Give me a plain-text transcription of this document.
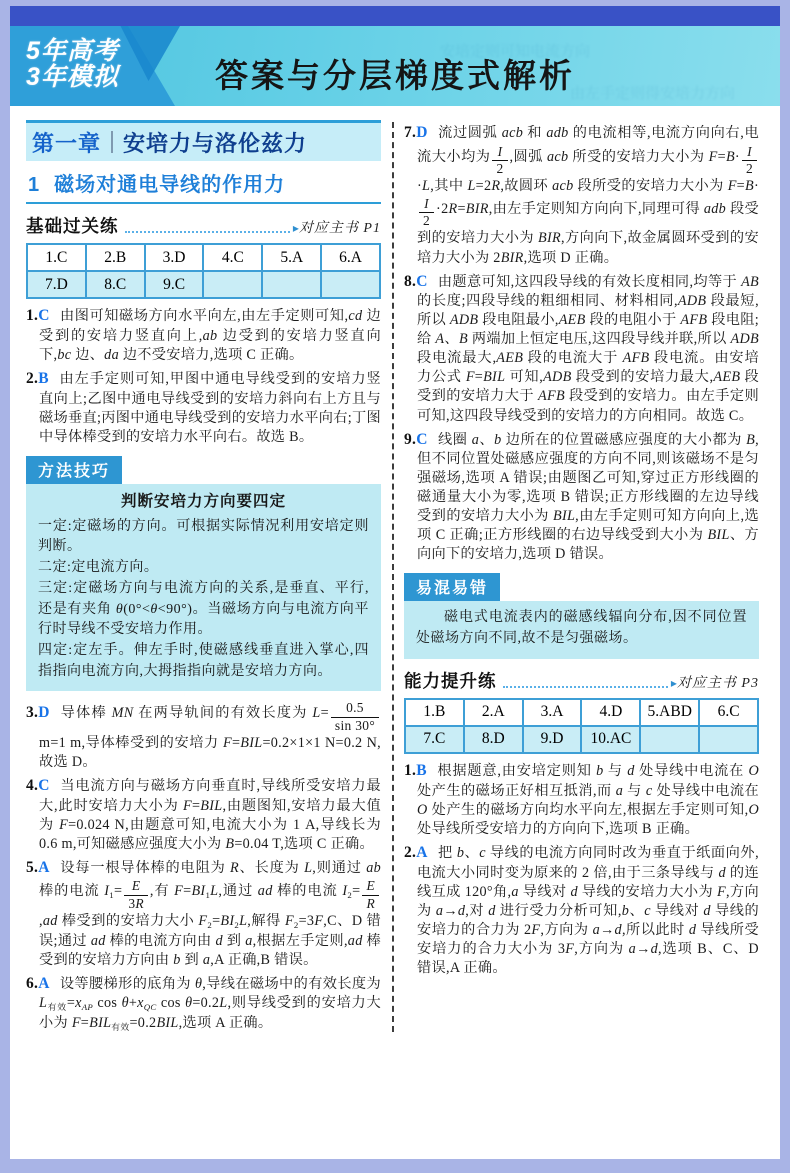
5年高考
3年模拟	答案与分层梯度式解析
安培定则可知电流方向
由左手定则得安培力方向
第一章 安培力与洛伦兹力
1 磁场对通电导线的作用力
基础过关练	▸ 对应主书 P1
1.C	2.B	3.D	4.C	5.A	6.A
7.D	8.C	9.C			
1.C 由图可知磁场方向水平向左,由左手定则可知,cd 边受到的安培力竖直向上,ab 边受到的安培力竖直向下,bc 边、da 边不受安培力,选项 C 正确。
2.B 由左手定则可知,甲图中通电导线受到的安培力竖直向上;乙图中通电导线受到的安培力斜向右上方且与磁场垂直;丙图中通电导线受到的安培力水平向右;丁图中导体棒受到的安培力水平向右。故选 B。
方法技巧
判断安培力方向要四定
一定:定磁场的方向。可根据实际情况利用安培定则判断。
二定:定电流方向。
三定:定磁场方向与电流方向的关系,是垂直、平行,还是有夹角 θ(0°<θ<90°)。当磁场方向与电流方向平行时导线不受安培力作用。
四定:定左手。伸左手时,使磁感线垂直进入掌心,四指指向电流方向,大拇指指向就是安培力方向。
3.D 导体棒 MN 在两导轨间的有效长度为 $L= \frac{0.5}{\sin 30^\circ}$
m=1 m,导体棒受到的安培力 F=BIL=0.2×1×1 N=0.2 N,故选 D。
4.C 当电流方向与磁场方向垂直时,导线所受安培力最大,此时安培力大小为 F=BIL,由题图知,安培力最大值为 F=0.024 N,由题意可知,电流大小为 1 A,导线长为 0.6 m,可知磁感应强度大小为 B=0.04 T,选项 C 正确。
5.A 设每一根导体棒的电阻为 R、长度为 L,则通过 ab 棒的电流 $I_1= \frac{E}{3R}$ ,有 $F=BI_1L$,通过 ad 棒的电流 $I_2= \frac{E}{R}$
,ad 棒受到的安培力大小 $F_2=BI_2L$,解得 $F_2=3F,C$、D 错误;通过 ad 棒的电流方向由 d 到 a,根据左手定则,ad 棒受到的安培力方向由 b 到 a,A 正确,B 错误。
6.A 设等腰梯形的底角为 θ,导线在磁场中的有效长度为 $L_{有效}=x_{AP}$ $\cos \theta+x_{QC}$ cos θ=0.2L,则导线受到的安培力大小为 $F=BIL_{有效}=0.2BIL$,选项 A 正确。
7.D 流过圆弧 acb 和 adb 的电流相等,电流方向向右,电流大小均为 $\frac{I}{2}$ ,圆弧 acb 所受的安培力大小为 $F=B\cdot \frac{I}{2}$
·L,其中 L=2R,故圆环 acb 段所受的安培力大小为 F=B·
$\frac{I}{2} \cdot 2R=BIR$,由左手定则知方向向下,同理可得 adb 段受到的安培力大小为 BIR,方向向下,故金属圆环受到的安培力大小为 2BIR,选项 D 正确。
8.C 由题意可知,这四段导线的有效长度相同,均等于 AB 的长度;四段导线的粗细相同、材料相同,ADB 段最短,所以 ADB 段电阻最小,AEB 段的电阻小于 AFB 段电阻;给 A、B 两端加上恒定电压,这四段导线并联,所以 ADB 段电流最大,AEB 段的电流大于 AFB 段电流。由安培力公式 F=BIL 可知,ADB 段受到的安培力最大,AEB 段受到的安培力大于 AFB 段受到的安培力。由左手定则可知,这四段导线受到的安培力的方向相同。故选 C。
9.C 线圈 a、b 边所在的位置磁感应强度的大小都为 B,但不同位置处磁感应强度的方向不同,则该磁场不是匀强磁场,选项 A 错误;由题图乙可知,穿过正方形线圈的磁通量大小为零,选项 B 错误;正方形线圈的左边导线受到的安培力大小为 BIL,由左手定则可知方向向上,选项 C 正确;正方形线圈的右边导线受到大小为 BIL、方向向下的安培力,选项 D 错误。
易混易错
磁电式电流表内的磁感线辐向分布,因不同位置处磁场方向不同,故不是匀强磁场。
能力提升练	▸ 对应主书 P3
1.B	2.A	3.A	4.D	5.ABD	6.C
7.C	8.D	9.D	10.AC		
1.B 根据题意,由安培定则知 b 与 d 处导线中电流在 O 处产生的磁场正好相互抵消,而 a 与 c 处导线中电流在 O 处产生的磁场方向均水平向左,根据左手定则可知,O 处导线所受安培力的方向向下,选项 B 正确。
2.A 把 b、c 导线的电流方向同时改为垂直于纸面向外,电流大小同时变为原来的 2 倍,由于三条导线与 d 的连线互成 120°角,a 导线对 d 导线的安培力大小为 F,方向为 a→d,对 d 进行受力分析可知,b、c 导线对 d 导线的安培力的合力为 2F,方向为 a→d,所以此时 d 导线所受安培力的合力大小为 3F,方向为 a→d,选项 B、C、D 错误,A 正确。
